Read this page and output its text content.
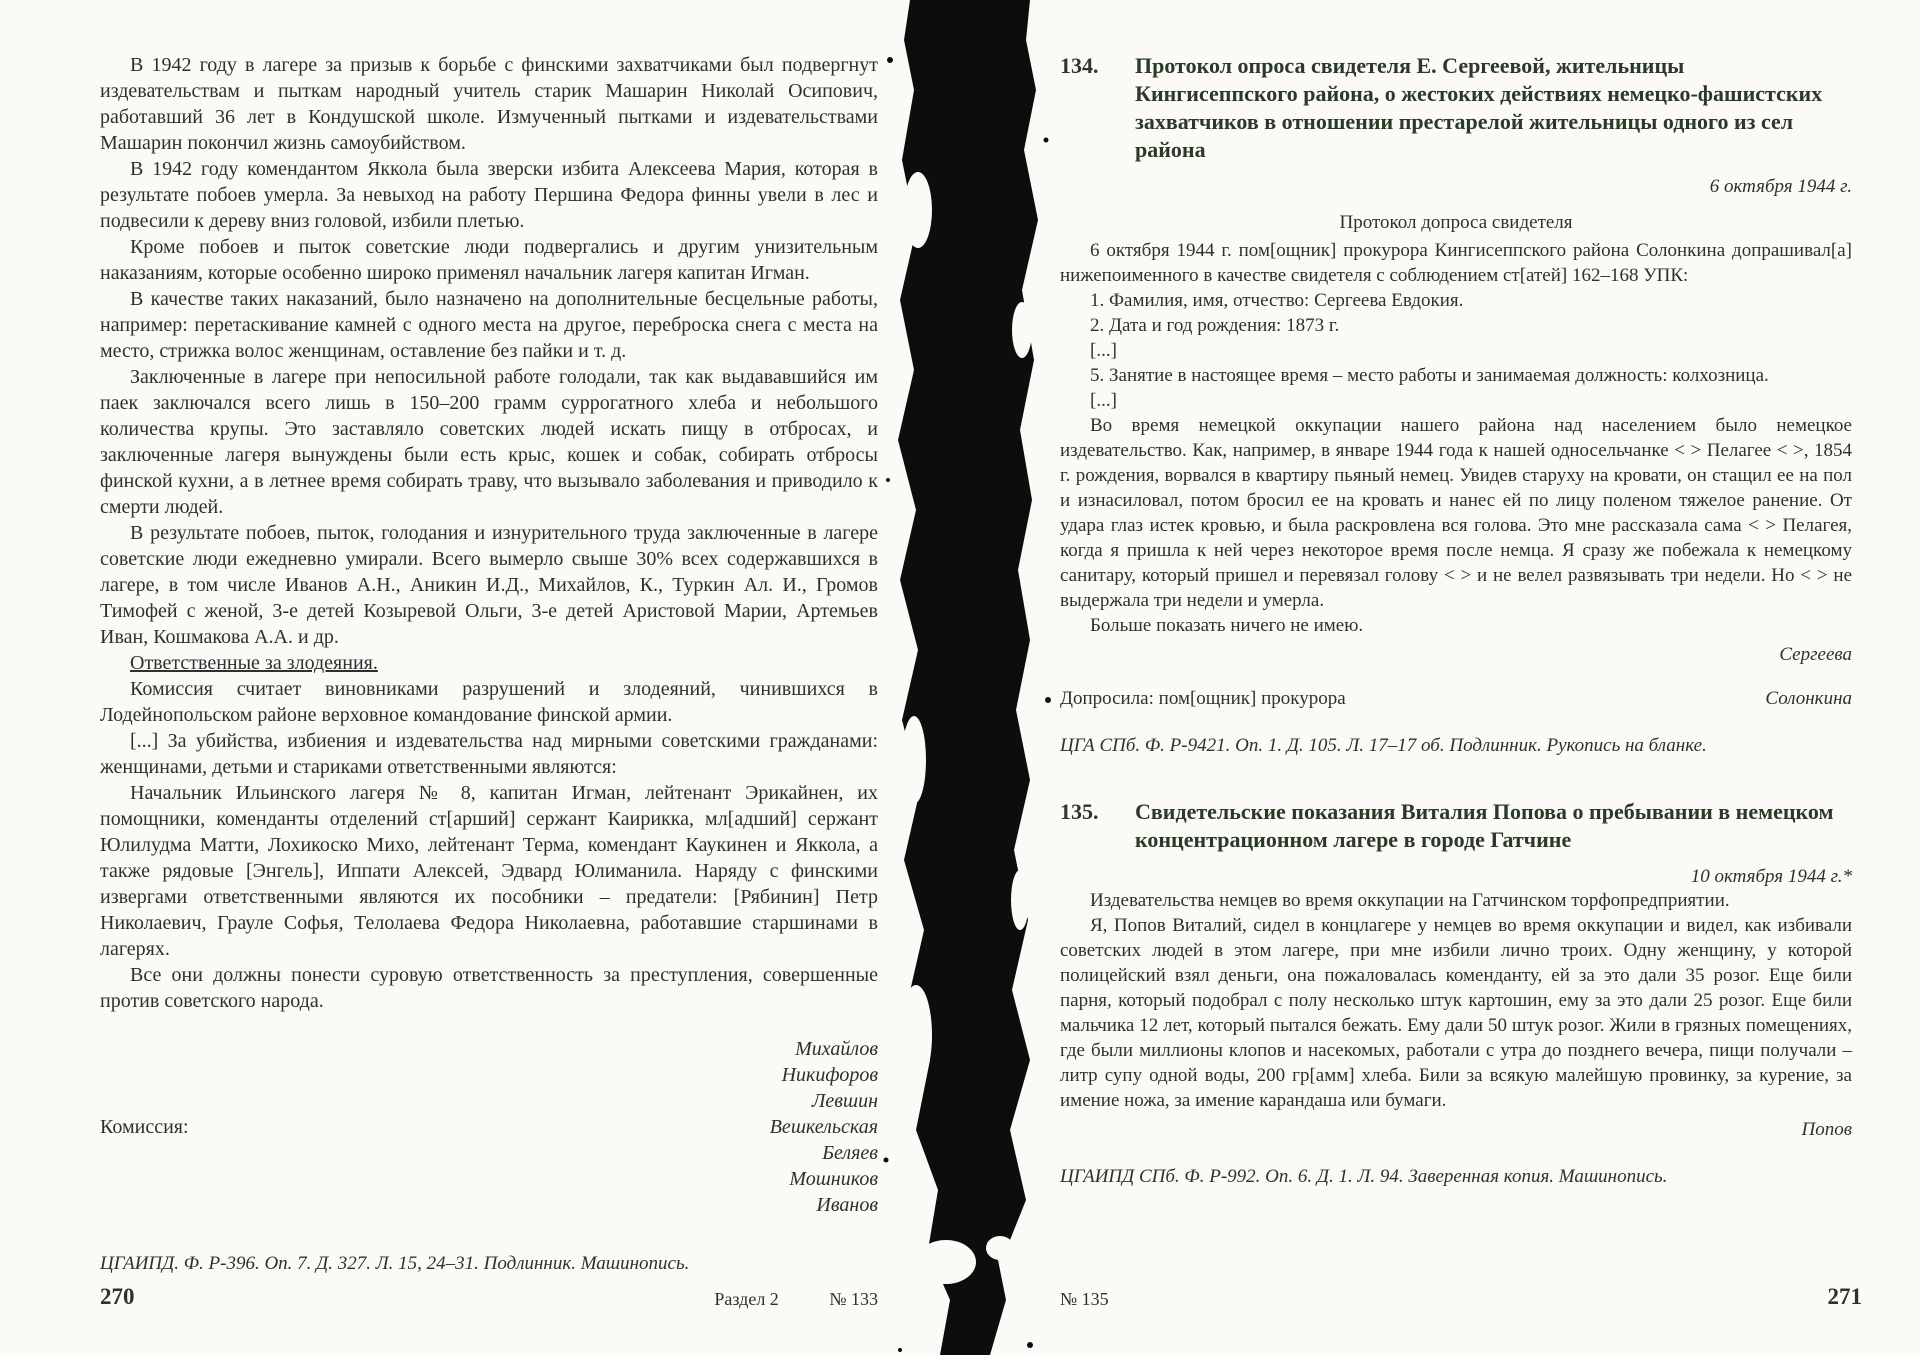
В 1942 году в лагере за призыв к борьбе с финскими захватчиками был подвергнут издевательствам и пыткам народный учитель старик Машарин Николай Осипович, работавший 36 лет в Кондушской школе. Измученный пытками и издевательствами Машарин покончил жизнь самоубийством.

В 1942 году комендантом Яккола была зверски избита Алексеева Мария, которая в результате побоев умерла. За невыход на работу Першина Федора финны увели в лес и подвесили к дереву вниз головой, избили плетью.

Кроме побоев и пыток советские люди подвергались и другим унизительным наказаниям, которые особенно широко применял начальник лагеря капитан Игман.

В качестве таких наказаний, было назначено на дополнительные бесцельные работы, например: перетаскивание камней с одного места на другое, переброска снега с места на место, стрижка волос женщинам, оставление без пайки и т. д.

Заключенные в лагере при непосильной работе голодали, так как выдававшийся им паек заключался всего лишь в 150–200 грамм суррогатного хлеба и небольшого количества крупы. Это заставляло советских людей искать пищу в отбросах, и заключенные лагеря вынуждены были есть крыс, кошек и собак, собирать отбросы финской кухни, а в летнее время собирать траву, что вызывало заболевания и приводило к смерти людей.

В результате побоев, пыток, голодания и изнурительного труда заключенные в лагере советские люди ежедневно умирали. Всего вымерло свыше 30% всех содержавшихся в лагере, в том числе Иванов А.Н., Аникин И.Д., Михайлов, К., Туркин Ал. И., Громов Тимофей с женой, 3-е детей Козыревой Ольги, 3-е детей Аристовой Марии, Артемьев Иван, Кошмакова А.А. и др.

Ответственные за злодеяния.

Комиссия считает виновниками разрушений и злодеяний, чинившихся в Лодейнопольском районе верховное командование финской армии.

[...] За убийства, избиения и издевательства над мирными советскими гражданами: женщинами, детьми и стариками ответственными являются:

Начальник Ильинского лагеря № 8, капитан Игман, лейтенант Эрикайнен, их помощники, коменданты отделений ст[арший] сержант Каирикка, мл[адший] сержант Юлилудма Матти, Лохикоско Михо, лейтенант Терма, комендант Каукинен и Яккола, а также рядовые [Энгель], Иппати Алексей, Эдвард Юлиманила. Наряду с финскими извергами ответственными являются их пособники – предатели: [Рябинин] Петр Николаевич, Грауле Софья, Телолаева Федора Николаевна, работавшие старшинами в лагерях.

Все они должны понести суровую ответственность за преступления, совершенные против советского народа.

Комиссия:
Михайлов
Никифоров
Левшин
Вешкельская
Беляев
Мошников
Иванов
ЦГАИПД. Ф. Р-396. Оп. 7. Д. 327. Л. 15, 24–31. Подлинник. Машинопись.
134.	Протокол опроса свидетеля Е. Сергеевой, жительницы Кингисеппского района, о жестоких действиях немецко-фашистских захватчиков в отношении престарелой жительницы одного из сел района
6 октября 1944 г.
Протокол допроса свидетеля

6 октября 1944 г. пом[ощник] прокурора Кингисеппского района Солонкина допрашивал[а] нижепоименного в качестве свидетеля с соблюдением ст[атей] 162–168 УПК:

1. Фамилия, имя, отчество: Сергеева Евдокия.

2. Дата и год рождения: 1873 г.

[...]

5. Занятие в настоящее время – место работы и занимаемая должность: колхозница.

[...]

Во время немецкой оккупации нашего района над населением было немецкое издевательство. Как, например, в январе 1944 года к нашей односельчанке < > Пелагее < >, 1854 г. рождения, ворвался в квартиру пьяный немец. Увидев старуху на кровати, он стащил ее на пол и изнасиловал, потом бросил ее на кровать и нанес ей по лицу поленом тяжелое ранение. От удара глаз истек кровью, и была раскровлена вся голова. Это мне рассказала сама < > Пелагея, когда я пришла к ней через некоторое время после немца. Я сразу же побежала к немецкому санитару, который пришел и перевязал голову < > и не велел развязывать три недели. Но < > не выдержала три недели и умерла.

Больше показать ничего не имею.

Сергеева
Допросила: пом[ощник] прокурора	Солонкина
ЦГА СПб. Ф. Р-9421. Оп. 1. Д. 105. Л. 17–17 об. Подлинник. Рукопись на бланке.
135.	Свидетельские показания Виталия Попова о пребывании в немецком концентрационном лагере в городе Гатчине
10 октября 1944 г.*

Издевательства немцев во время оккупации на Гатчинском торфопредприятии.

Я, Попов Виталий, сидел в концлагере у немцев во время оккупации и видел, как избивали советских людей в этом лагере, при мне избили лично троих. Одну женщину, у которой полицейский взял деньги, она пожаловалась коменданту, ей за это дали 35 розог. Еще били парня, который подобрал с полу несколько штук картошин, ему за это дали 25 розог. Еще били мальчика 12 лет, который пытался бежать. Ему дали 50 штук розог. Жили в грязных помещениях, где были миллионы клопов и насекомых, работали с утра до позднего вечера, пищи получали – литр супу одной воды, 200 гр[амм] хлеба. Били за всякую малейшую провинку, за курение, за имение ножа, за имение карандаша или бумаги.

Попов
ЦГАИПД СПб. Ф. Р-992. Оп. 6. Д. 1. Л. 94. Заверенная копия. Машинопись.
270	Раздел 2	№ 133	№ 135	271
